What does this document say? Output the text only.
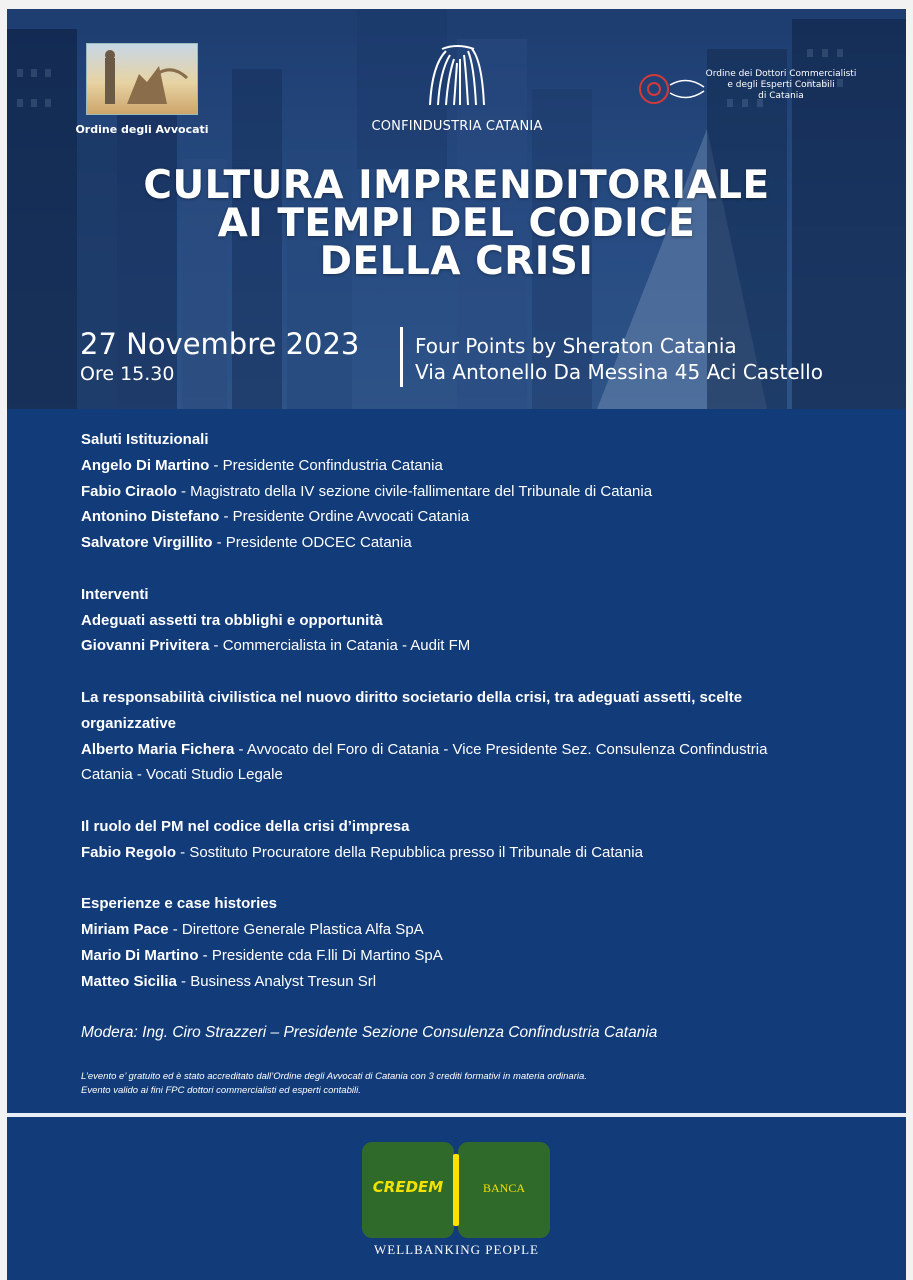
Ordine degli Avvocati	CONFINDUSTRIA CATANIA
Ordine dei Dottori Commercialisti
e degli Esperti Contabili
di Catania
CULTURA IMPRENDITORIALE
AI TEMPI DEL CODICE
DELLA CRISI
27 Novembre 2023
Ore 15.30
Four Points by Sheraton Catania
Via Antonello Da Messina 45 Aci Castello
Saluti Istituzionali
Angelo Di Martino - Presidente Confindustria Catania
Fabio Ciraolo - Magistrato della IV sezione civile-fallimentare del Tribunale di Catania
Antonino Distefano - Presidente Ordine Avvocati Catania
Salvatore Virgillito - Presidente ODCEC Catania
Interventi
Adeguati assetti tra obblighi e opportunità
Giovanni Privitera - Commercialista in Catania - Audit FM
La responsabilità civilistica nel nuovo diritto societario della crisi, tra adeguati assetti, scelte
organizzative
Alberto Maria Fichera - Avvocato del Foro di Catania - Vice Presidente Sez. Consulenza Confindustria
Catania - Vocati Studio Legale
Il ruolo del PM nel codice della crisi d’impresa
Fabio Regolo - Sostituto Procuratore della Repubblica presso il Tribunale di Catania
Esperienze e case histories
Miriam Pace - Direttore Generale Plastica Alfa SpA
Mario Di Martino - Presidente cda F.lli Di Martino SpA
Matteo Sicilia - Business Analyst Tresun Srl
Modera: Ing. Ciro Strazzeri – Presidente Sezione Consulenza Confindustria Catania
L’evento e’ gratuito ed è stato accreditato dall’Ordine degli Avvocati di Catania con 3 crediti formativi in materia ordinaria.
Evento valido ai fini FPC dottori commercialisti ed esperti contabili.
CREDEM	BANCA
WELLBANKING PEOPLE
